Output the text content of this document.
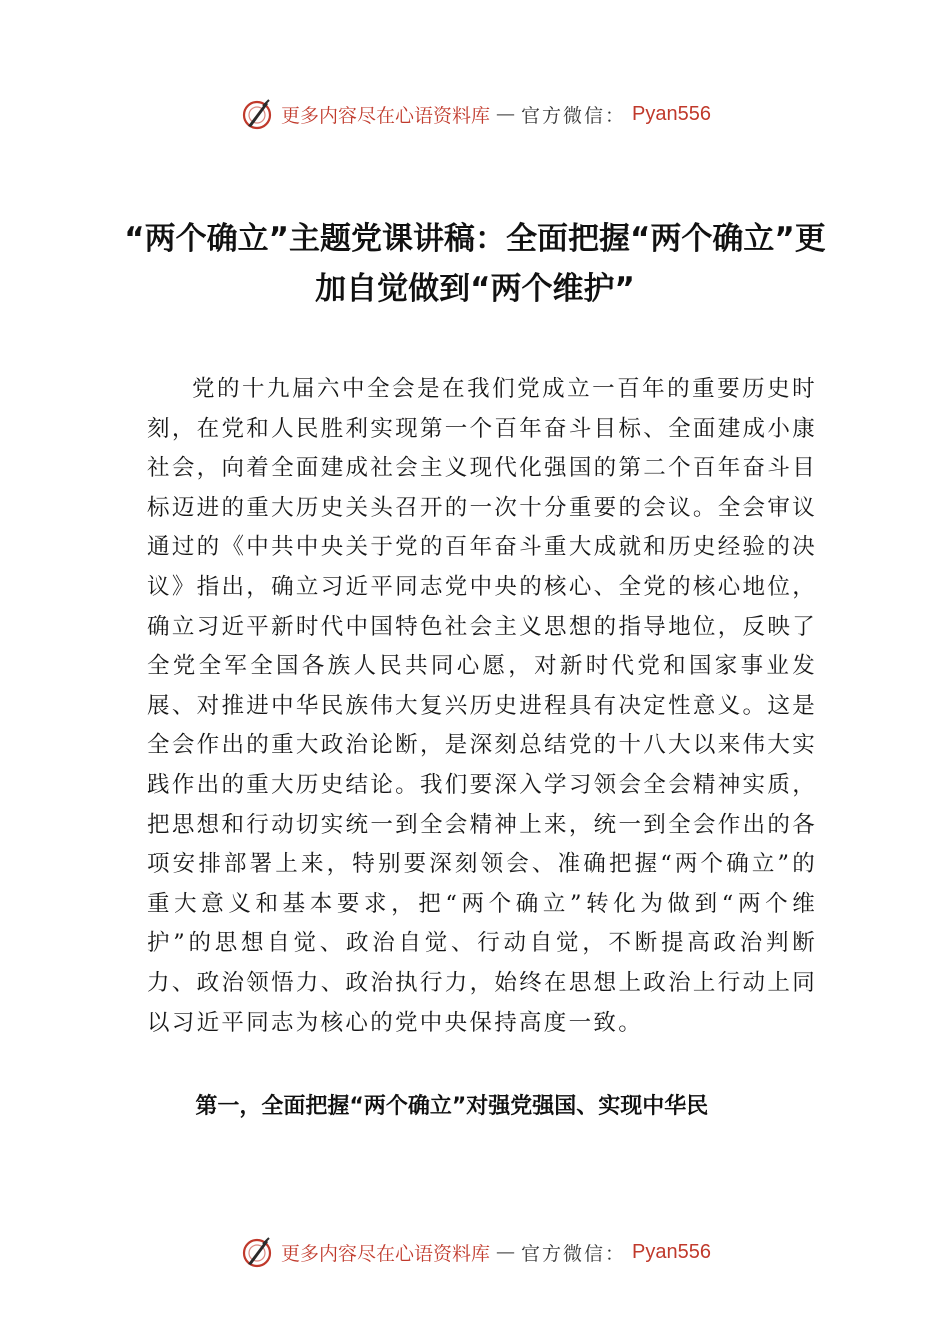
更多内容尽在心语资料库 — 官方微信： Pyan556
“两个确立”主题党课讲稿：全面把握“两个确立”更加自觉做到“两个维护”

党的十九届六中全会是在我们党成立一百年的重要历史时刻，在党和人民胜利实现第一个百年奋斗目标、全面建成小康社会，向着全面建成社会主义现代化强国的第二个百年奋斗目标迈进的重大历史关头召开的一次十分重要的会议。全会审议通过的《中共中央关于党的百年奋斗重大成就和历史经验的决议》指出，确立习近平同志党中央的核心、全党的核心地位，确立习近平新时代中国特色社会主义思想的指导地位，反映了全党全军全国各族人民共同心愿，对新时代党和国家事业发展、对推进中华民族伟大复兴历史进程具有决定性意义。这是全会作出的重大政治论断，是深刻总结党的十八大以来伟大实践作出的重大历史结论。我们要深入学习领会全会精神实质，把思想和行动切实统一到全会精神上来，统一到全会作出的各项安排部署上来，特别要深刻领会、准确把握“两个确立”的重大意义和基本要求，把“两个确立”转化为做到“两个维护”的思想自觉、政治自觉、行动自觉，不断提高政治判断力、政治领悟力、政治执行力，始终在思想上政治上行动上同以习近平同志为核心的党中央保持高度一致。

第一，全面把握“两个确立”对强党强国、实现中华民

更多内容尽在心语资料库 — 官方微信： Pyan556
